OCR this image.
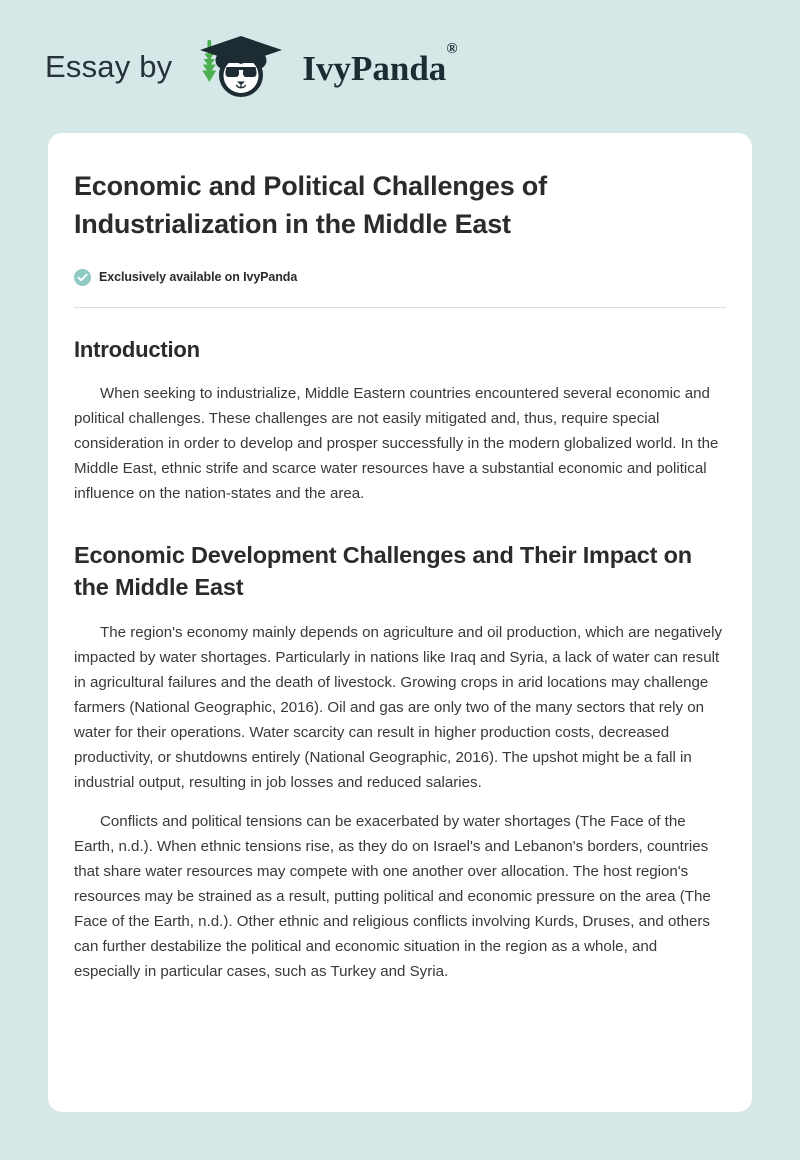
Essay by	IvyPanda®
Economic and Political Challenges of Industrialization in the Middle East
Exclusively available on IvyPanda
Introduction

When seeking to industrialize, Middle Eastern countries encountered several economic and political challenges. These challenges are not easily mitigated and, thus, require special consideration in order to develop and prosper successfully in the modern globalized world. In the Middle East, ethnic strife and scarce water resources have a substantial economic and political influence on the nation-states and the area.

Economic Development Challenges and Their Impact on the Middle East

The region's economy mainly depends on agriculture and oil production, which are negatively impacted by water shortages. Particularly in nations like Iraq and Syria, a lack of water can result in agricultural failures and the death of livestock. Growing crops in arid locations may challenge farmers (National Geographic, 2016). Oil and gas are only two of the many sectors that rely on water for their operations. Water scarcity can result in higher production costs, decreased productivity, or shutdowns entirely (National Geographic, 2016). The upshot might be a fall in industrial output, resulting in job losses and reduced salaries.

Conflicts and political tensions can be exacerbated by water shortages (The Face of the Earth, n.d.). When ethnic tensions rise, as they do on Israel's and Lebanon's borders, countries that share water resources may compete with one another over allocation. The host region's resources may be strained as a result, putting political and economic pressure on the area (The Face of the Earth, n.d.). Other ethnic and religious conflicts involving Kurds, Druses, and others can further destabilize the political and economic situation in the region as a whole, and especially in particular cases, such as Turkey and Syria.
